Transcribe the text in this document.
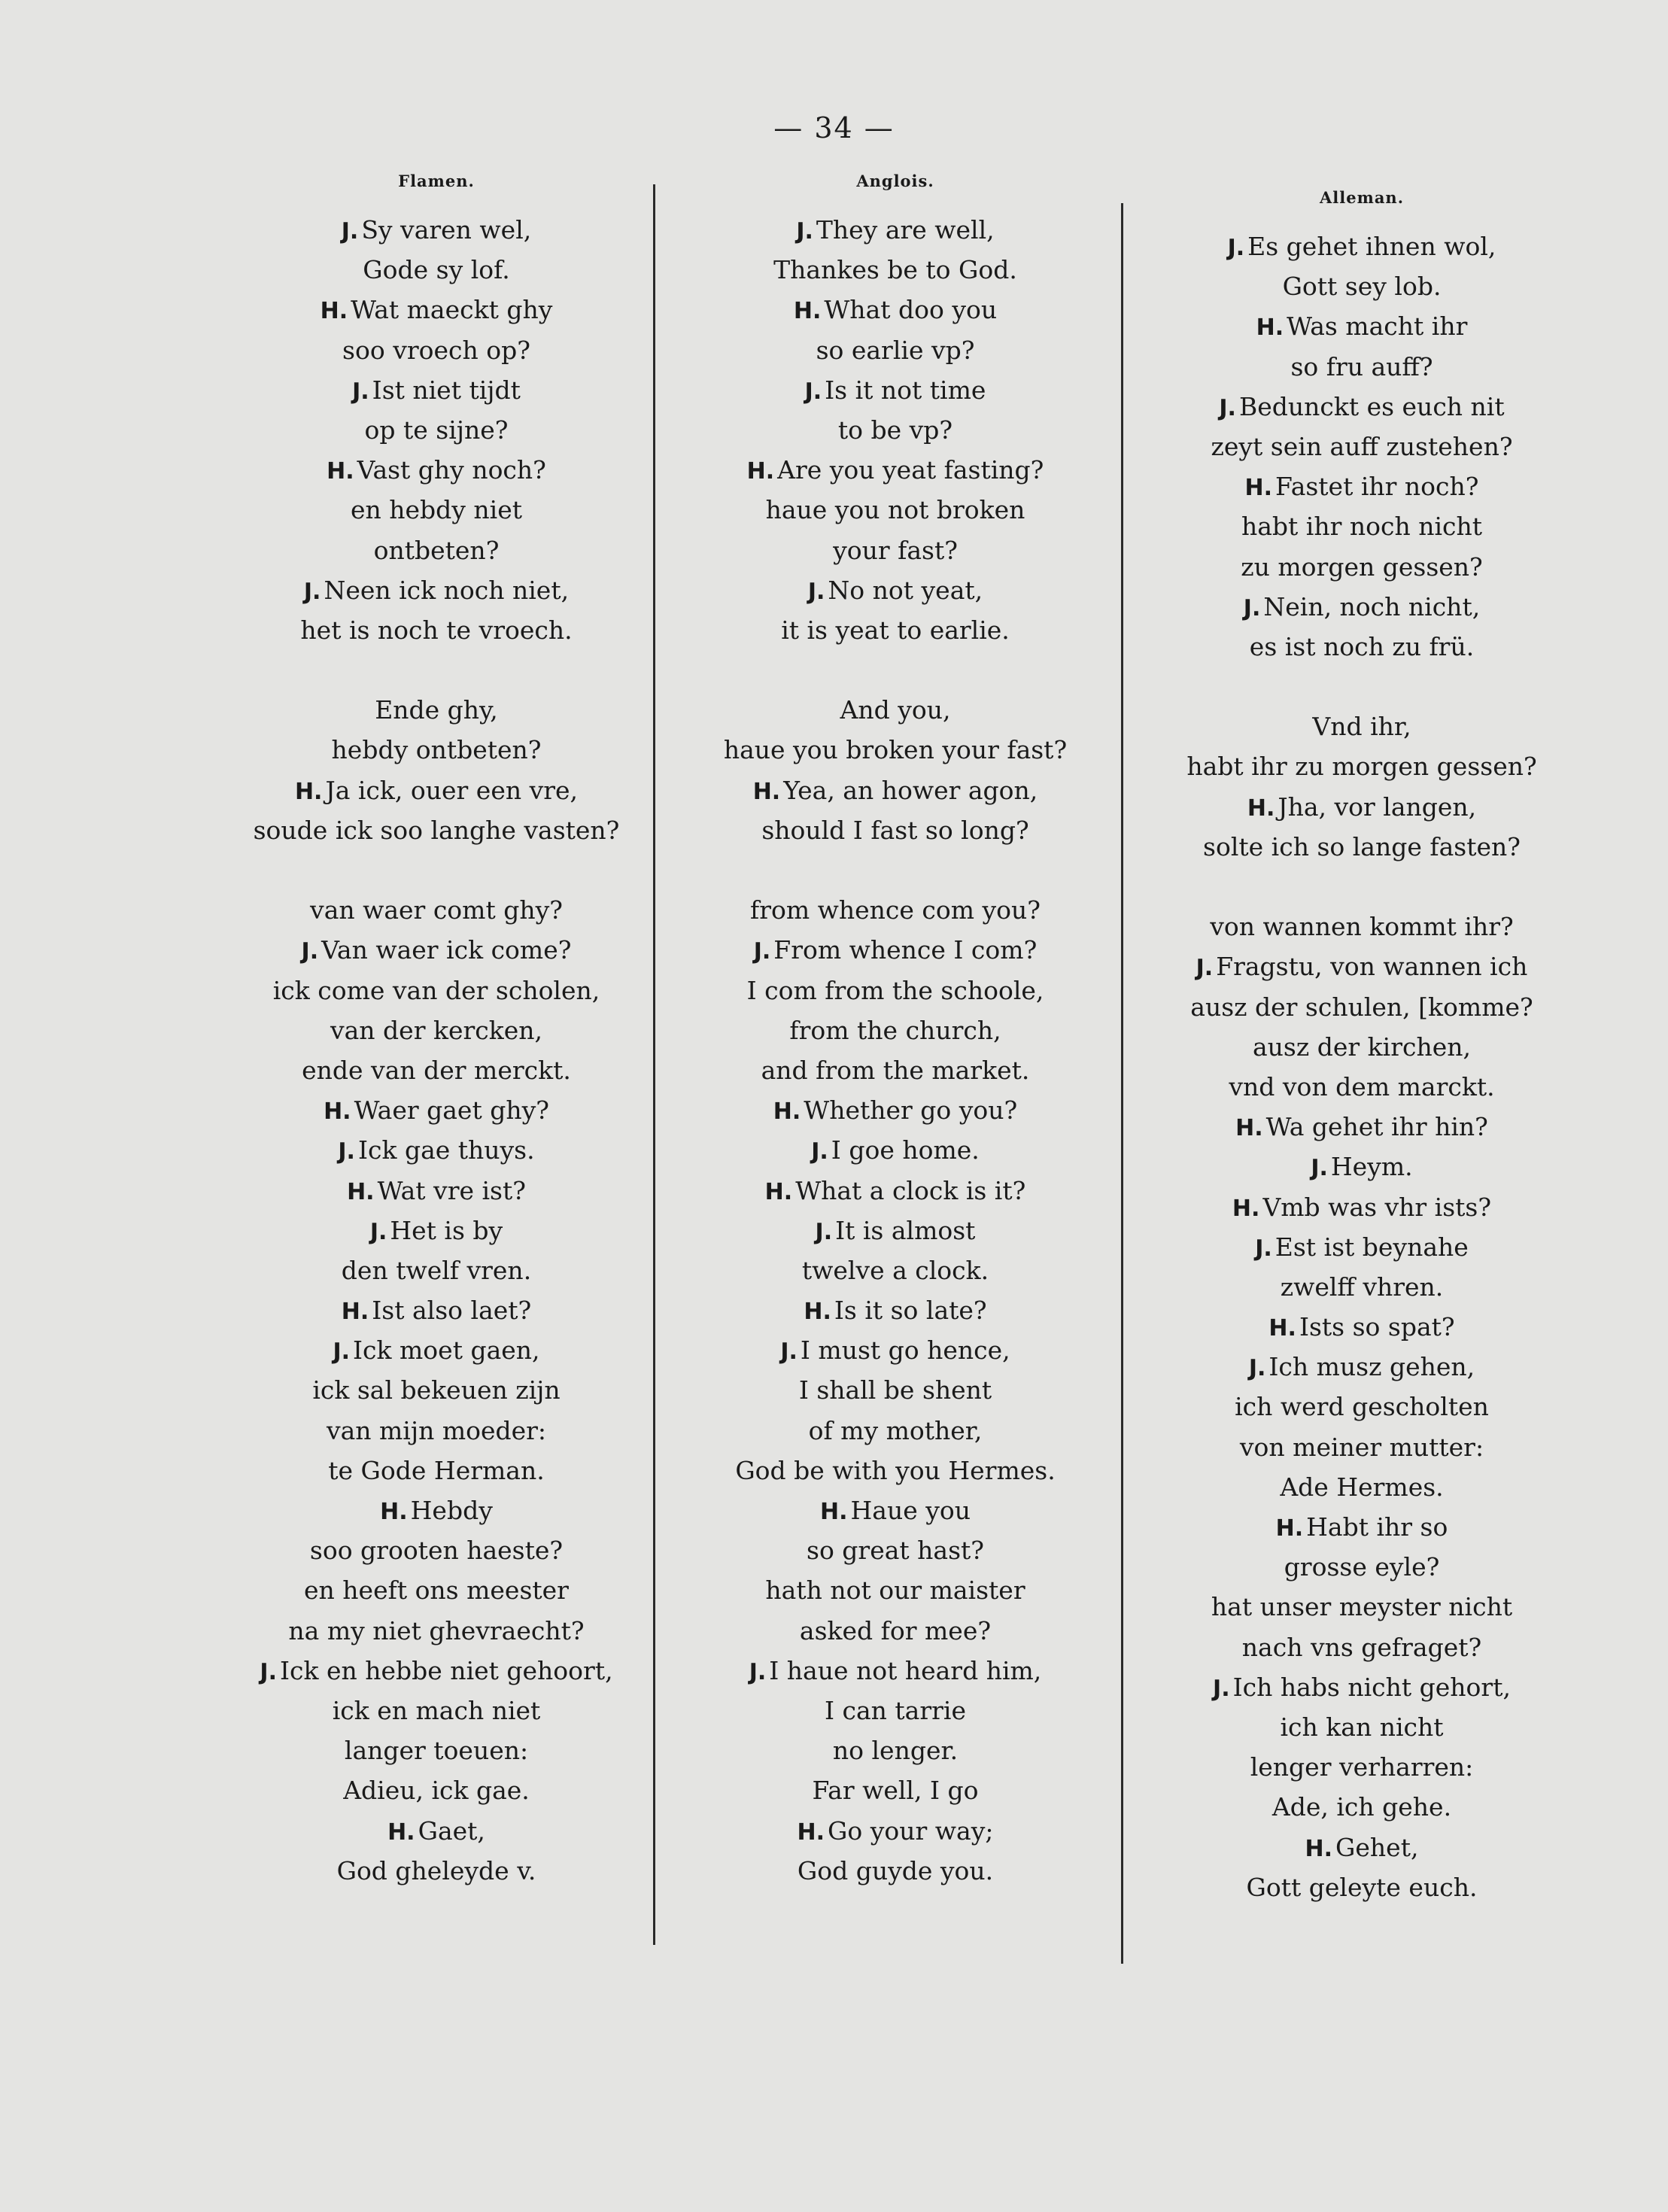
— 34 —
Flamen.
J. Sy varen wel,
Gode sy lof.
H. Wat maeckt ghy
soo vroech op?
J. Ist niet tijdt
op te sijne?
H. Vast ghy noch?
en hebdy niet
ontbeten?
J. Neen ick noch niet,
het is noch te vroech.
Ende ghy,
hebdy ontbeten?
H. Ja ick, ouer een vre,
soude ick soo langhe vasten?
van waer comt ghy?
J. Van waer ick come?
ick come van der scholen,
van der kercken,
ende van der merckt.
H. Waer gaet ghy?
J. Ick gae thuys.
H. Wat vre ist?
J. Het is by
den twelf vren.
H. Ist also laet?
J. Ick moet gaen,
ick sal bekeuen zijn
van mijn moeder:
te Gode Herman.
H. Hebdy
soo grooten haeste?
en heeft ons meester
na my niet ghevraecht?
J. Ick en hebbe niet gehoort,
ick en mach niet
langer toeuen:
Adieu, ick gae.
H. Gaet,
God gheleyde v.
Anglois.
J. They are well,
Thankes be to God.
H. What doo you
so earlie vp?
J. Is it not time
to be vp?
H. Are you yeat fasting?
haue you not broken
your fast?
J. No not yeat,
it is yeat to earlie.
And you,
haue you broken your fast?
H. Yea, an hower agon,
should I fast so long?
from whence com you?
J. From whence I com?
I com from the schoole,
from the church,
and from the market.
H. Whether go you?
J. I goe home.
H. What a clock is it?
J. It is almost
twelve a clock.
H. Is it so late?
J. I must go hence,
I shall be shent
of my mother,
God be with you Hermes.
H. Haue you
so great hast?
hath not our maister
asked for mee?
J. I haue not heard him,
I can tarrie
no lenger.
Far well, I go
H. Go your way;
God guyde you.
Alleman.
J. Es gehet ihnen wol,
Gott sey lob.
H. Was macht ihr
so fru auff?
J. Bedunckt es euch nit
zeyt sein auff zustehen?
H. Fastet ihr noch?
habt ihr noch nicht
zu morgen gessen?
J. Nein, noch nicht,
es ist noch zu frü.
Vnd ihr,
habt ihr zu morgen gessen?
H. Jha, vor langen,
solte ich so lange fasten?
von wannen kommt ihr?
J. Fragstu, von wannen ich
ausz der schulen, [komme?
ausz der kirchen,
vnd von dem marckt.
H. Wa gehet ihr hin?
J. Heym.
H. Vmb was vhr ists?
J. Est ist beynahe
zwelff vhren.
H. Ists so spat?
J. Ich musz gehen,
ich werd gescholten
von meiner mutter:
Ade Hermes.
H. Habt ihr so
grosse eyle?
hat unser meyster nicht
nach vns gefraget?
J. Ich habs nicht gehort,
ich kan nicht
lenger verharren:
Ade, ich gehe.
H. Gehet,
Gott geleyte euch.
